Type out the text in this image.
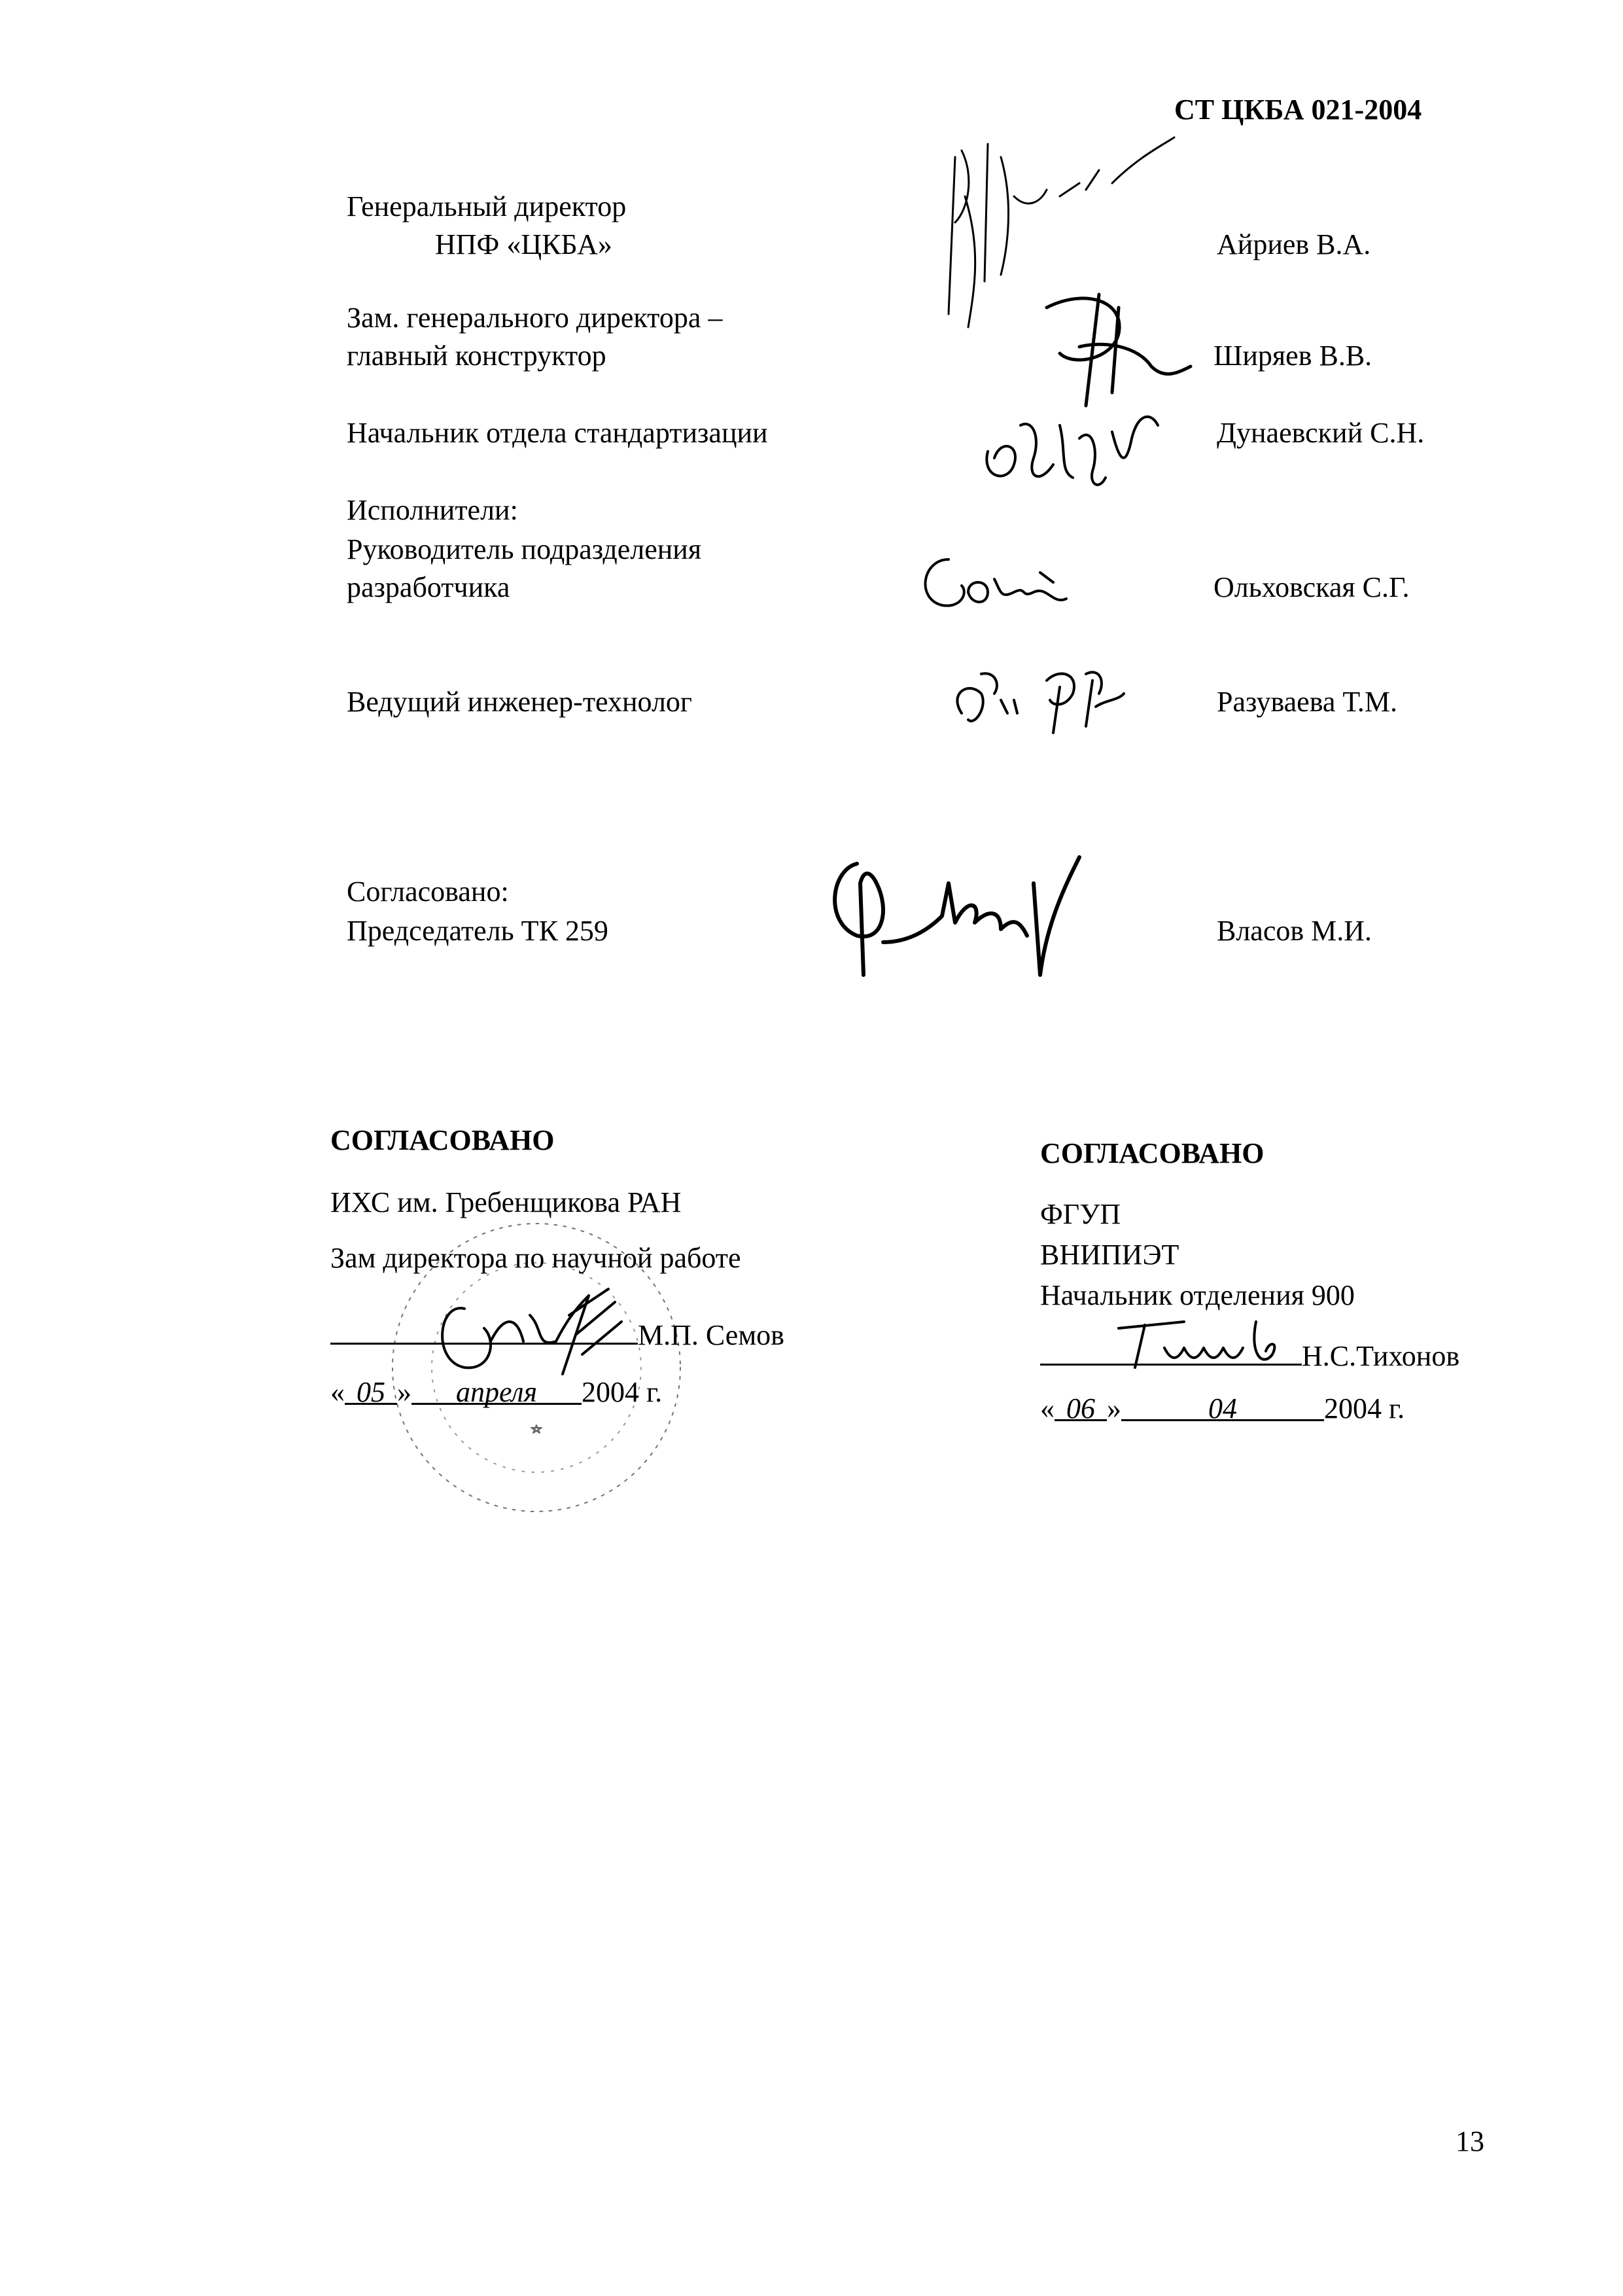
СТ ЦКБА 021-2004
Генеральный директор
НПФ «ЦКБА»	Айриев В.А.
Зам. генерального директора –
главный конструктор	Ширяев В.В.
Начальник отдела стандартизации	Дунаевский С.Н.
Исполнители:
Руководитель подразделения
разработчика	Ольховская С.Г.
Ведущий инженер-технолог	Разуваева Т.М.
Согласовано:
Председатель ТК 259	Власов М.И.
СОГЛАСОВАНО
ИХС им. Гребенщикова РАН
Зам директора по научной работе
М.П. Семов
« 05 » апреля 2004 г.
СОГЛАСОВАНО
ФГУП
ВНИПИЭТ
Начальник отделения 900
Н.С.Тихонов
« 06 »	04	2004 г.
13
